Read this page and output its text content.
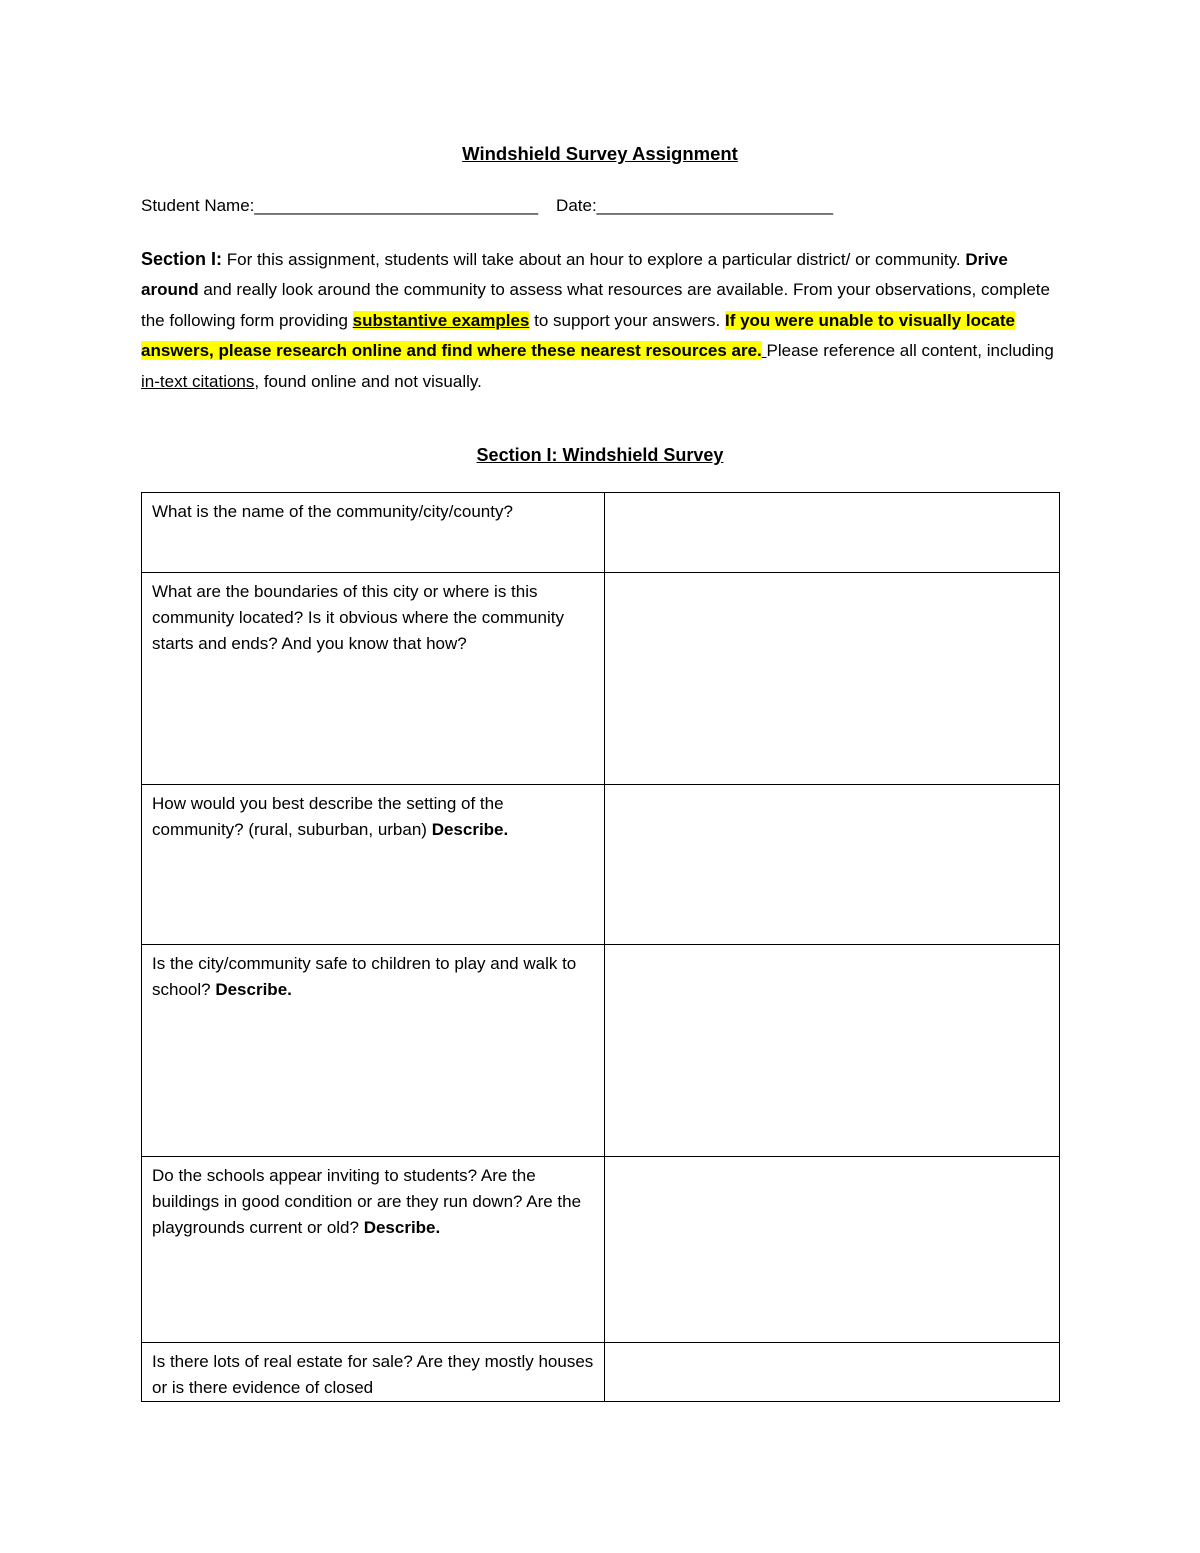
Windshield Survey Assignment
Student Name:______________________________ Date:_________________________
Section I: For this assignment, students will take about an hour to explore a particular district/ or community. Drive around and really look around the community to assess what resources are available. From your observations, complete the following form providing substantive examples to support your answers. If you were unable to visually locate answers, please research online and find where these nearest resources are. Please reference all content, including in-text citations, found online and not visually.
Section I: Windshield Survey
What is the name of the community/city/county?	
What are the boundaries of this city or where is this community located? Is it obvious where the community starts and ends? And you know that how?	
How would you best describe the setting of the community? (rural, suburban, urban) Describe.	
Is the city/community safe to children to play and walk to school? Describe.	
Do the schools appear inviting to students? Are the buildings in good condition or are they run down? Are the playgrounds current or old? Describe.	
Is there lots of real estate for sale? Are they mostly houses or is there evidence of closed	
